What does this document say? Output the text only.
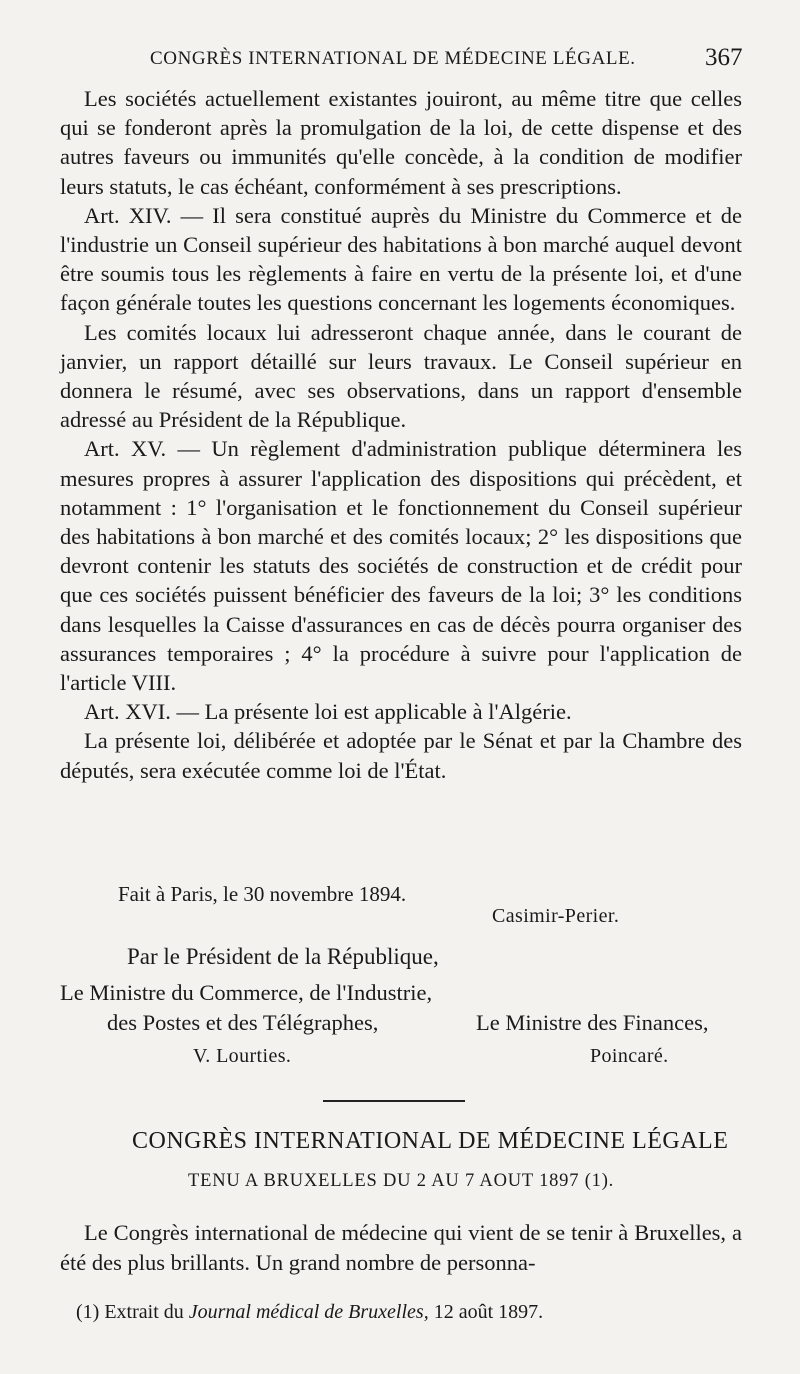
CONGRÈS INTERNATIONAL DE MÉDECINE LÉGALE.	367

Les sociétés actuellement existantes jouiront, au même titre que celles qui se fonderont après la promulgation de la loi, de cette dispense et des autres faveurs ou immunités qu'elle concède, à la condition de modifier leurs statuts, le cas échéant, conformément à ses prescriptions.

Art. XIV. — Il sera constitué auprès du Ministre du Commerce et de l'industrie un Conseil supérieur des habitations à bon marché auquel devont être soumis tous les règlements à faire en vertu de la présente loi, et d'une façon générale toutes les questions concernant les logements économiques.

Les comités locaux lui adresseront chaque année, dans le courant de janvier, un rapport détaillé sur leurs travaux. Le Conseil supérieur en donnera le résumé, avec ses observations, dans un rapport d'ensemble adressé au Président de la République.

Art. XV. — Un règlement d'administration publique déterminera les mesures propres à assurer l'application des dispositions qui précèdent, et notamment : 1° l'organisation et le fonctionnement du Conseil supérieur des habitations à bon marché et des comités locaux; 2° les dispositions que devront contenir les statuts des sociétés de construction et de crédit pour que ces sociétés puissent bénéficier des faveurs de la loi; 3° les conditions dans lesquelles la Caisse d'assurances en cas de décès pourra organiser des assurances temporaires ; 4° la procédure à suivre pour l'application de l'article VIII.

Art. XVI. — La présente loi est applicable à l'Algérie.

La présente loi, délibérée et adoptée par le Sénat et par la Chambre des députés, sera exécutée comme loi de l'État.

Fait à Paris, le 30 novembre 1894.
Casimir-Perier.
Par le Président de la République,
Le Ministre du Commerce, de l'Industrie,
des Postes et des Télégraphes,	Le Ministre des Finances,
V. Lourties.	Poincaré.
CONGRÈS INTERNATIONAL DE MÉDECINE LÉGALE
TENU A BRUXELLES DU 2 AU 7 AOUT 1897 (1).

Le Congrès international de médecine qui vient de se tenir à Bruxelles, a été des plus brillants. Un grand nombre de personna-

(1) Extrait du Journal médical de Bruxelles, 12 août 1897.
